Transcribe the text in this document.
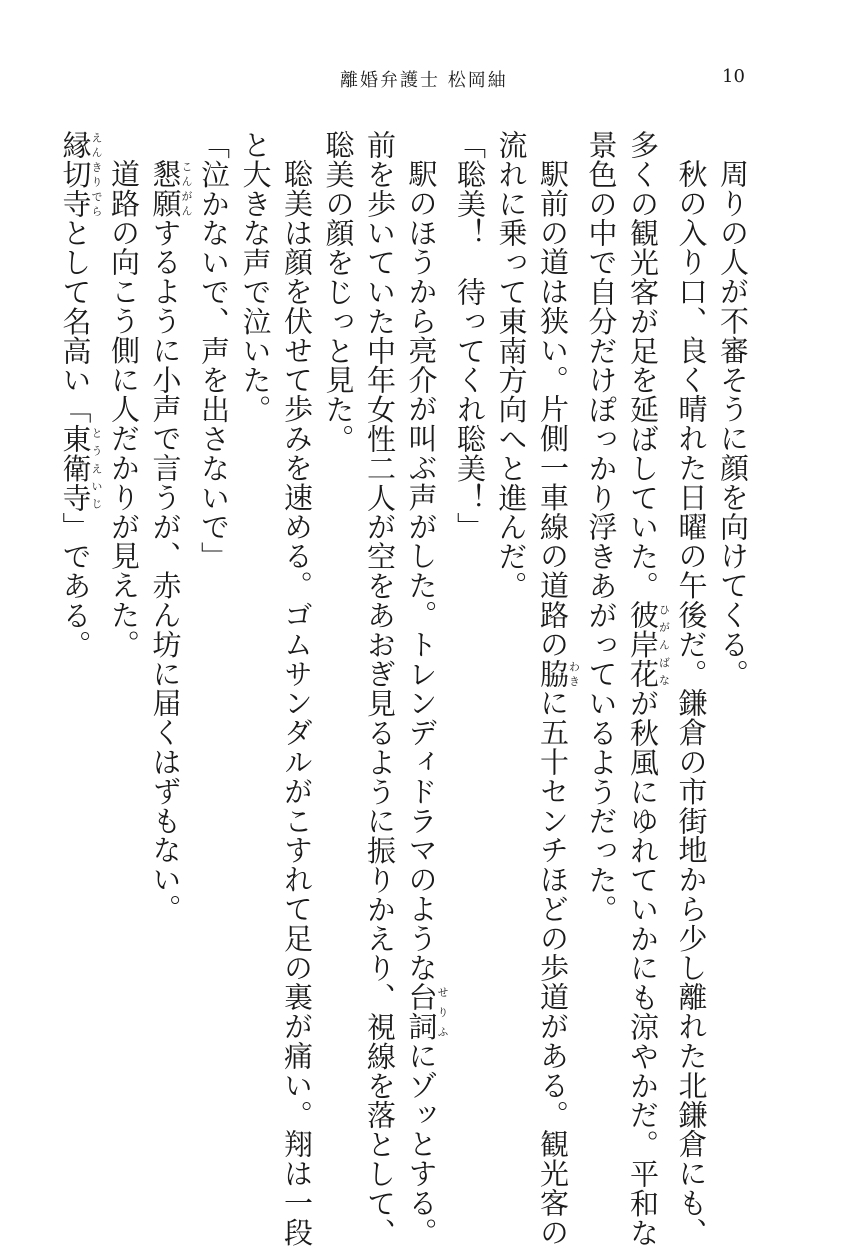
離婚弁護士 松岡紬	10
周りの人が不審そうに顔を向けてくる。
秋の入り口、良く晴れた日曜の午後だ。鎌倉の市街地から少し離れた北鎌倉にも、
多くの観光客が足を延ばしていた。彼岸花ひがんばなが秋風にゆれていかにも涼やかだ。平和な
景色の中で自分だけぽっかり浮きあがっているようだった。
駅前の道は狭い。片側一車線の道路の脇わきに五十センチほどの歩道がある。観光客の
流れに乗って東南方向へと進んだ。
「聡美！　待ってくれ聡美！」
駅のほうから亮介が叫ぶ声がした。トレンディドラマのような台詞せりふにゾッとする。
前を歩いていた中年女性二人が空をあおぎ見るように振りかえり、視線を落として、
聡美の顔をじっと見た。
聡美は顔を伏せて歩みを速める。ゴムサンダルがこすれて足の裏が痛い。翔は一段
と大きな声で泣いた。
「泣かないで、声を出さないで」
懇願こんがんするように小声で言うが、赤ん坊に届くはずもない。
道路の向こう側に人だかりが見えた。
縁切寺えんきりでらとして名高い「東衛寺とうえいじ」である。
